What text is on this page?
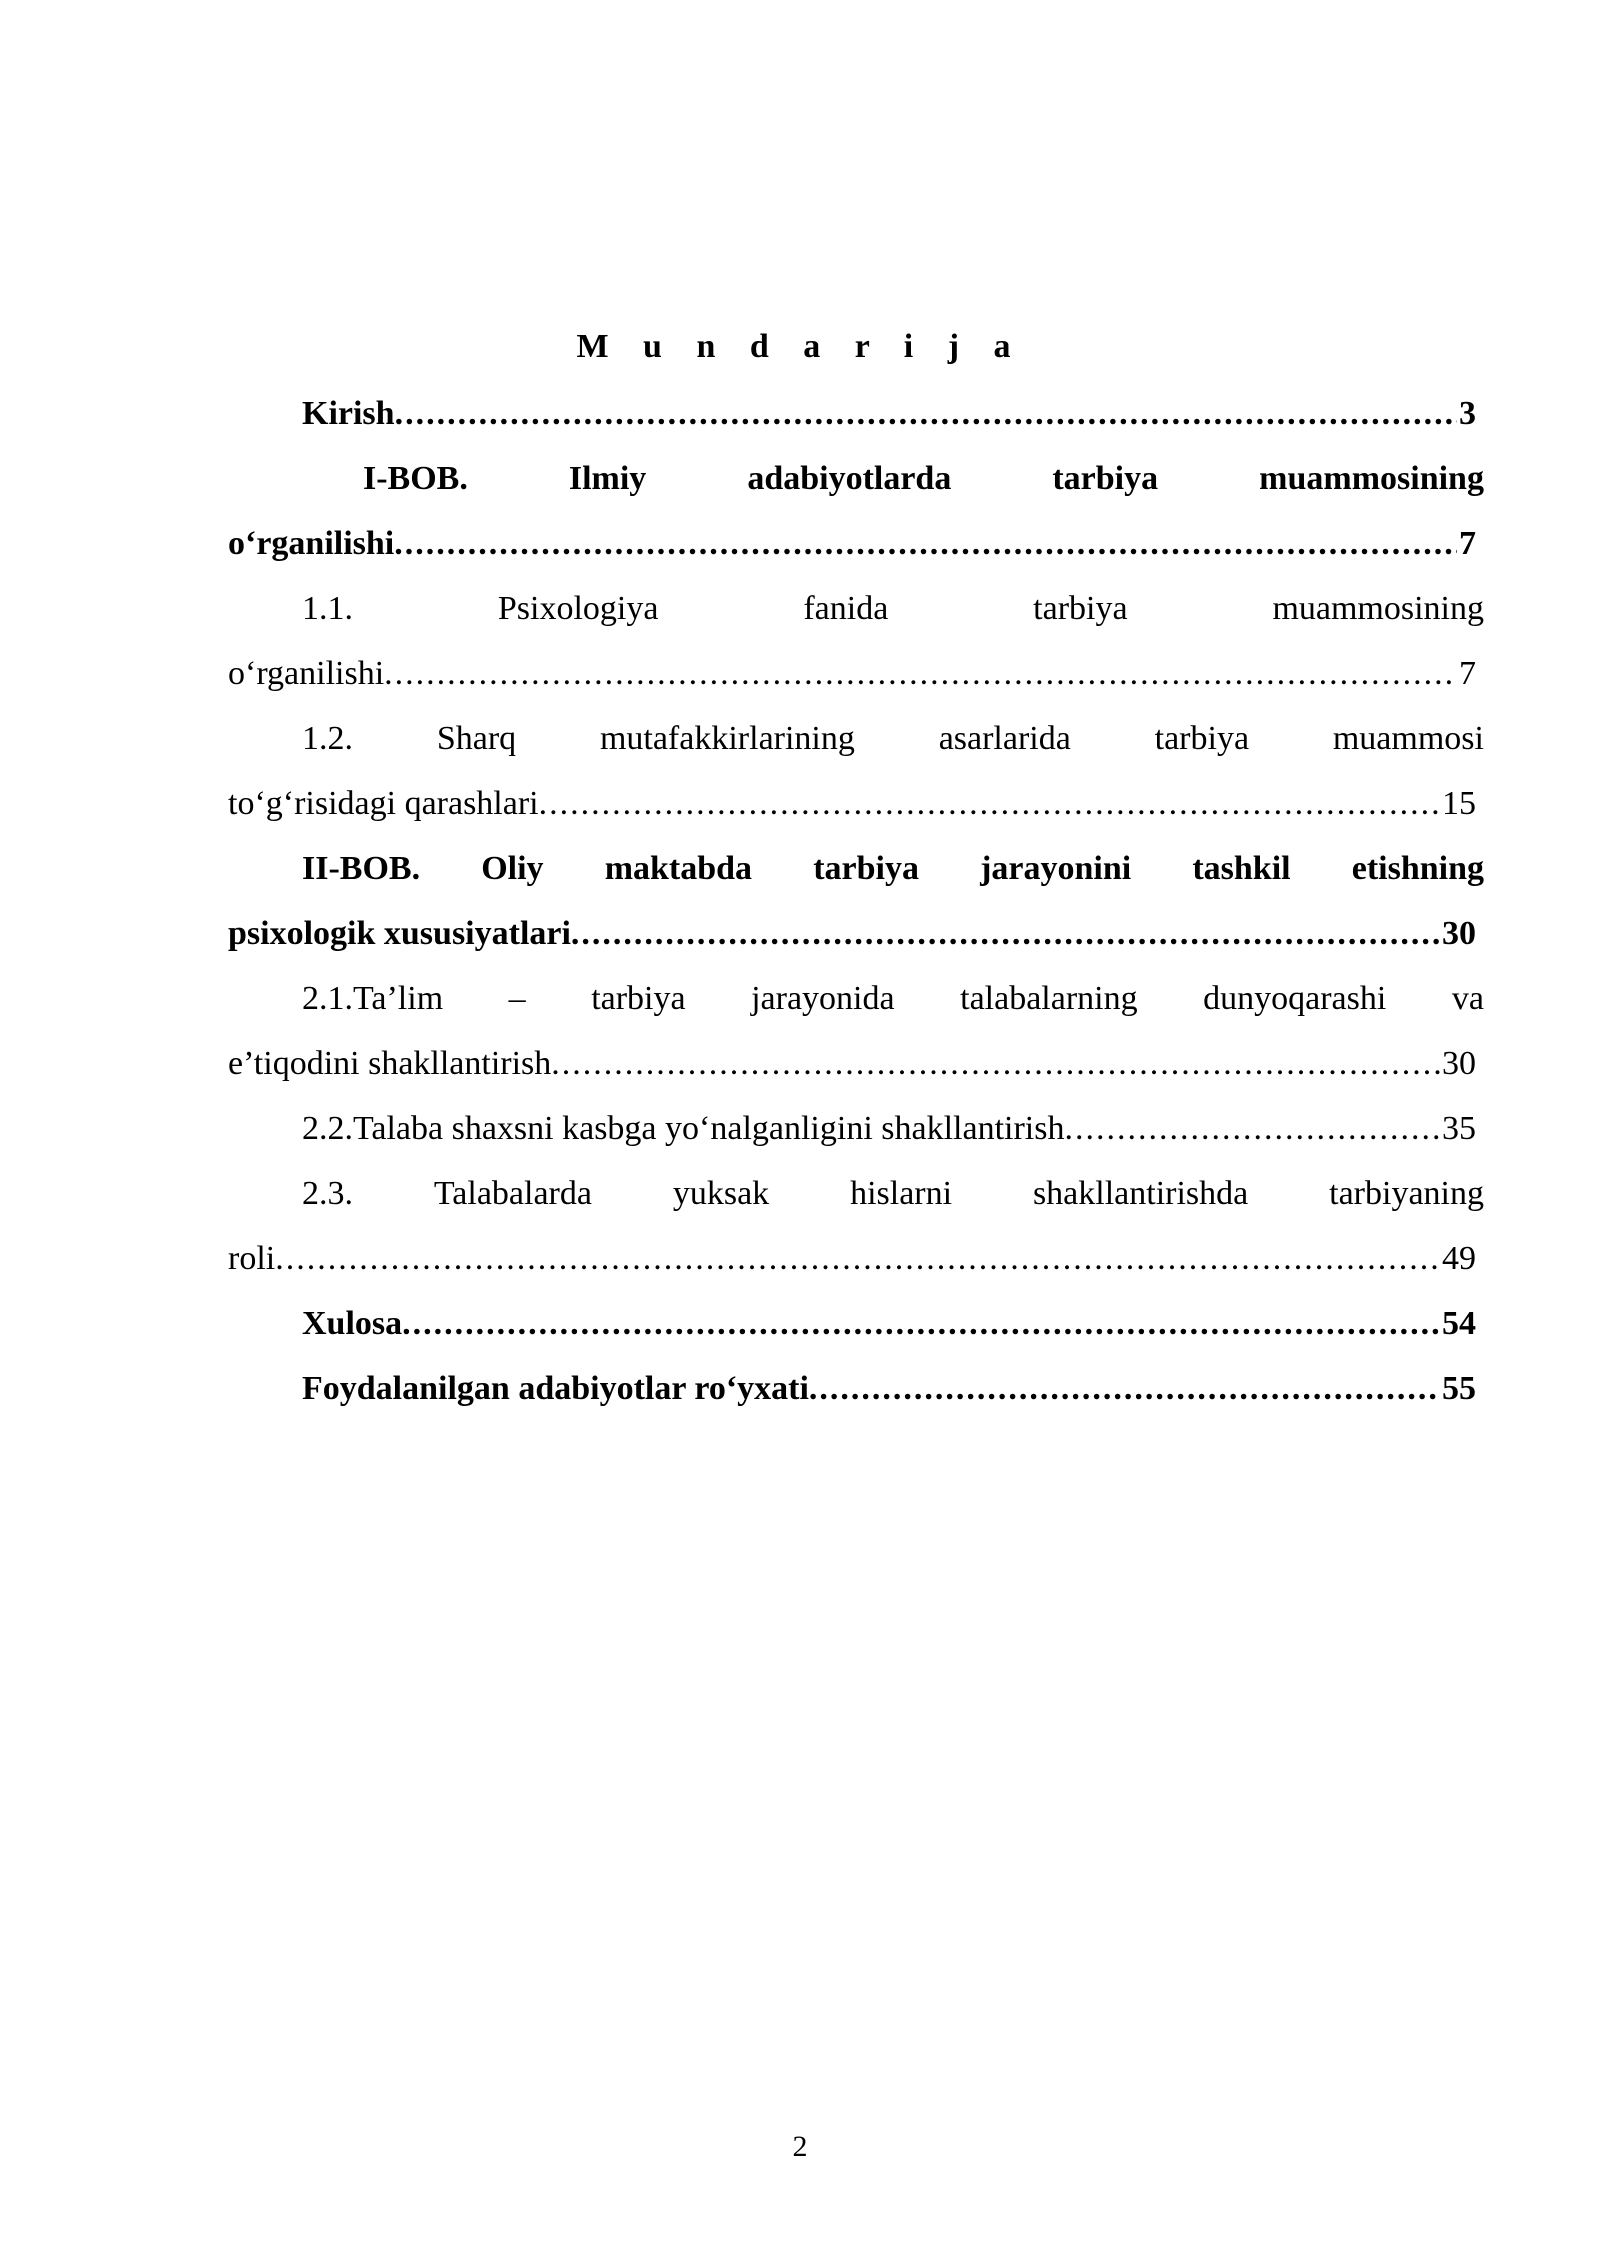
M u n d a r i j a
Kirish .....	3
I-BOB.	Ilmiy	adabiyotlarda	tarbiya	muammosining
o‘rganilishi .....	7
1.1.	Psixologiya	fanida	tarbiya	muammosining
o‘rganilishi .....	7
1.2. Sharq mutafakkirlarining asarlarida tarbiya muammosi
to‘g‘risidagi qarashlari .....	15
II-BOB. Oliy maktabda tarbiya jarayonini tashkil etishning
psixologik xususiyatlari .....	30
2.1.Ta’lim – tarbiya jarayonida talabalarning dunyoqarashi va
e’tiqodini shakllantirish .....	30
2.2.Talaba shaxsni kasbga yo‘nalganligini shakllantirish .....	35
2.3. Talabalarda yuksak hislarni shakllantirishda tarbiyaning
roli .....	49
Xulosa .....	54
Foydalanilgan adabiyotlar ro‘yxati .....	55
2
